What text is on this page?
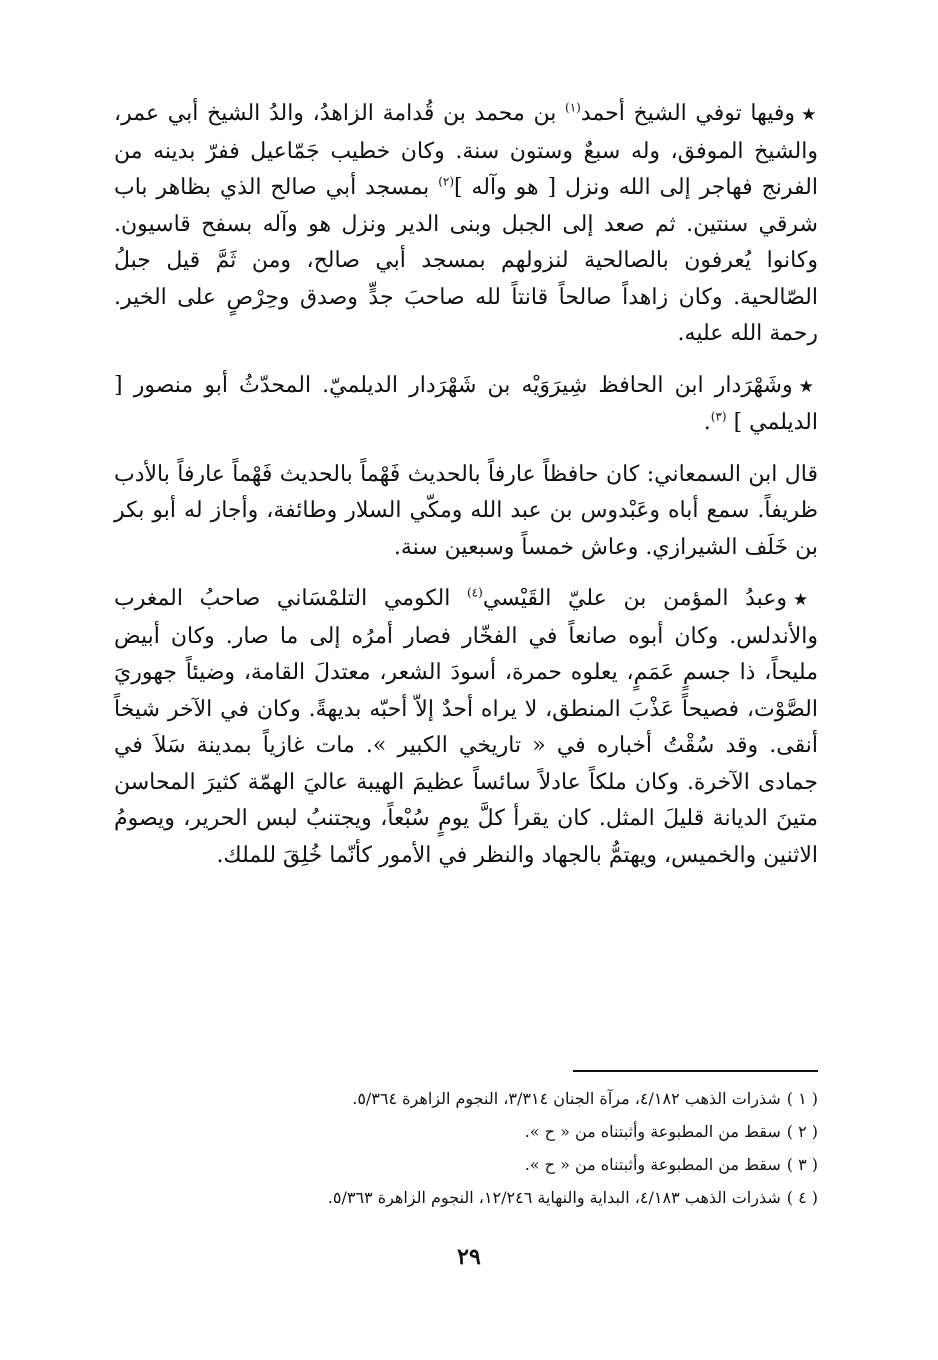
★وفيها توفي الشيخ أحمد$^{(١)}$ بن محمد بن قُدامة الزاهدُ، والدُ الشيخ أبي عمر، والشيخ الموفق، وله سبعٌ وستون سنة. وكان خطيب جَمّاعيل ففرّ بدينه من الفرنج فهاجر إلى الله ونزل [ هو وآله ]$^{(٢)}$ بمسجد أبي صالح الذي بظاهر باب شرقي سنتين. ثم صعد إلى الجبل وبنى الدير ونزل هو وآله بسفح قاسيون. وكانوا يُعرفون بالصالحية لنزولهم بمسجد أبي صالح، ومن ثَمَّ قيل جبلُ الصّالحية. وكان زاهداً صالحاً قانتاً لله صاحبَ جدٍّ وصدق وحِرْصٍ على الخير. رحمة الله عليه.

★وشَهْرَدار ابن الحافظ شِيرَوَيْه بن شَهْرَدار الديلميّ. المحدّثُ أبو منصور [ الديلمي ] $^{(٣)}$.

قال ابن السمعاني: كان حافظاً عارفاً بالحديث فَهْماً بالحديث فَهْماً عارفاً بالأدب ظريفاً. سمع أباه وعَبْدوس بن عبد الله ومكّي السلار وطائفة، وأجاز له أبو بكر بن خَلَف الشيرازي. وعاش خمساً وسبعين سنة.

★وعبدُ المؤمن بن عليّ القَيْسي$^{(٤)}$ الكومي التلمْسَاني صاحبُ المغرب والأندلس. وكان أبوه صانعاً في الفخّار فصار أمرُه إلى ما صار. وكان أبيض مليحاً، ذا جسمٍ عَمَمٍ، يعلوه حمرة، أسودَ الشعر، معتدلَ القامة، وضيئاً جهوريَ الصَّوْت، فصيحاً عَذْبَ المنطق، لا يراه أحدٌ إلاّ أحبّه بديهةً. وكان في الآخر شيخاً أنقى. وقد سُقْتُ أخباره في « تاريخي الكبير ». مات غازياً بمدينة سَلاَ في جمادى الآخرة. وكان ملكاً عادلاً سائساً عظيمَ الهيبة عاليَ الهمّة كثيرَ المحاسن متينَ الديانة قليلَ المثل. كان يقرأ كلَّ يومٍ سُبْعاً، ويجتنبُ لبس الحرير، ويصومُ الاثنين والخميس، ويهتمُّ بالجهاد والنظر في الأمور كأنّما خُلِقَ للملك.

( ١ )شذرات الذهب ٤/١٨٢، مرآة الجنان ٣/٣١٤، النجوم الزاهرة ٥/٣٦٤.
( ٢ )سقط من المطبوعة وأثبتناه من « ح ».
( ٣ )سقط من المطبوعة وأثبتناه من « ح ».
( ٤ )شذرات الذهب ٤/١٨٣، البداية والنهاية ١٢/٢٤٦، النجوم الزاهرة ٥/٣٦٣.
٢٩
